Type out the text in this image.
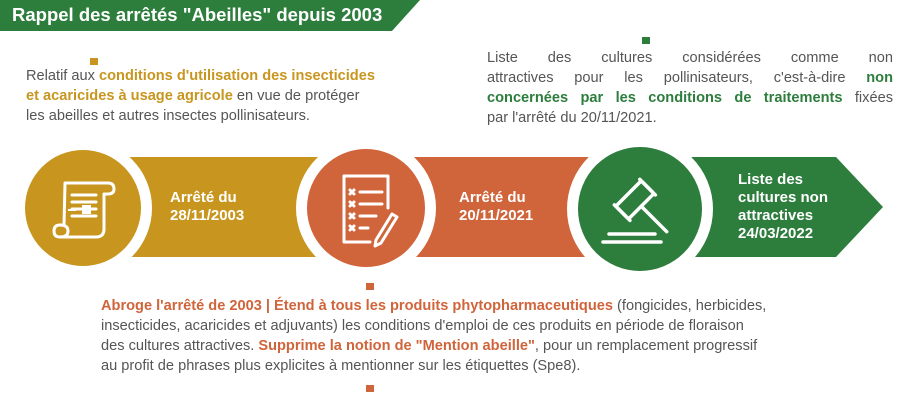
Rappel des arrêtés "Abeilles" depuis 2003
Relatif aux conditions d'utilisation des insecticides
et acaricides à usage agricole en vue de protéger
les abeilles et autres insectes pollinisateurs.
Liste des cultures considérées comme non
attractives pour les pollinisateurs, c'est-à-dire non
concernées par les conditions de traitements fixées
par l'arrêté du 20/11/2021.
Arrêté du
28/11/2003
Arrêté du
20/11/2021
Liste des
cultures non
attractives
24/03/2022
Abroge l'arrêté de 2003 | Étend à tous les produits phytopharmaceutiques (fongicides, herbicides,
insecticides, acaricides et adjuvants) les conditions d'emploi de ces produits en période de floraison
des cultures attractives. Supprime la notion de "Mention abeille", pour un remplacement progressif
au profit de phrases plus explicites à mentionner sur les étiquettes (Spe8).
